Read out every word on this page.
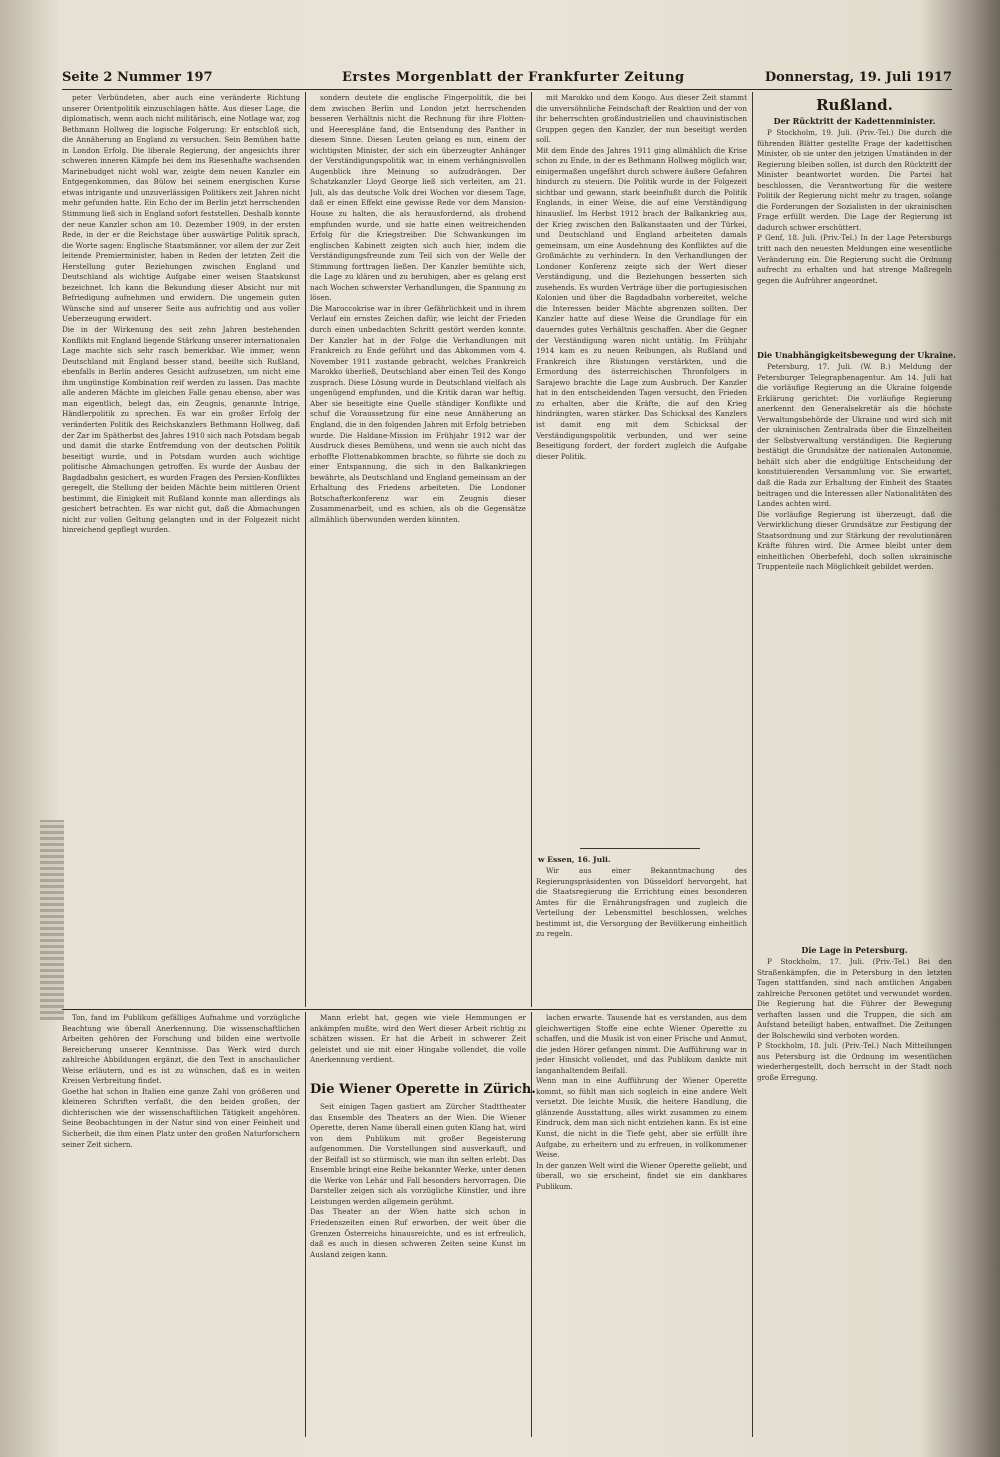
Seite 2 Nummer 197	Erstes Morgenblatt der Frankfurter Zeitung	Donnerstag, 19. Juli 1917

peter Verbündeten, aber auch eine veränderte Richtung unserer Orientpolitik einzuschlagen hätte. Aus dieser Lage, die diplomatisch, wenn auch nicht militärisch, eine Notlage war, zog Bethmann Hollweg die logische Folgerung: Er entschloß sich, die Annäherung an England zu versuchen. Sein Bemühen hatte in London Erfolg. Die liberale Regierung, der angesichts ihrer schweren inneren Kämpfe bei dem ins Riesenhafte wachsenden Marinebudget nicht wohl war, zeigte dem neuen Kanzler ein Entgegenkommen, das Bülow bei seinem energischen Kurse etwas intrigante und unzuverlässigen Politikers zeit Jahren nicht mehr gefunden hatte. Ein Echo der im Berlin jetzt herrschenden Stimmung ließ sich in England sofort feststellen. Deshalb konnte der neue Kanzler schon am 10. Dezember 1909, in der ersten Rede, in der er die Reichstage über auswärtige Politik sprach, die Worte sagen: Englische Staatsmänner, vor allem der zur Zeit leitende Premierminister, haben in Reden der letzten Zeit die Herstellung guter Beziehungen zwischen England und Deutschland als wichtige Aufgabe einer weisen Staatskunst bezeichnet. Ich kann die Bekundung dieser Absicht nur mit Befriedigung aufnehmen und erwidern. Die ungemein guten Wünsche sind auf unserer Seite aus aufrichtig und aus voller Ueberzeugung erwidert.
Die in der Wirkenung des seit zehn Jahren bestehenden Konflikts mit England liegende Stärkung unserer internationalen Lage machte sich sehr rasch bemerkbar. Wie immer, wenn Deutschland mit England besser stand, beeilte sich Rußland, ebenfalls in Berlin anderes Gesicht aufzusetzen, um nicht eine ihm ungünstige Kombination reif werden zu lassen. Das machte alle anderen Mächte im gleichen Falle genau ebenso, aber was man eigentlich, belegt das, ein Zeugnis, genannte Intrige, Händlerpolitik zu sprechen. Es war ein großer Erfolg der veränderten Politik des Reichskanzlers Bethmann Hollweg, daß der Zar im Spätherbst des Jahres 1910 sich nach Potsdam begab und damit die starke Entfremdung von der deutschen Politik beseitigt wurde, und in Potsdam wurden auch wichtige politische Abmachungen getroffen. Es wurde der Ausbau der Bagdadbahn gesichert, es wurden Fragen des Persien-Konfliktes geregelt, die Stellung der beiden Mächte beim mittleren Orient bestimmt, die Einigkeit mit Rußland konnte man allerdings als gesichert betrachten. Es war nicht gut, daß die Abmachungen nicht zur vollen Geltung gelangten und in der Folgezeit nicht hinreichend gepflegt wurden.

sondern deutete die englische Fingerpolitik, die bei dem zwischen Berlin und London jetzt herrschenden besseren Verhältnis nicht die Rechnung für ihre Flotten- und Heerespläne fand, die Entsendung des Panther in diesem Sinne. Diesen Leuten gelang es nun, einem der wichtigsten Minister, der sich ein überzeugter Anhänger der Verständigungspolitik war, in einem verhängnisvollen Augenblick ihre Meinung so aufzudrängen. Der Schatzkanzler Lloyd George ließ sich verleiten, am 21. Juli, als das deutsche Volk drei Wochen vor diesem Tage, daß er einen Effekt eine gewisse Rede vor dem Mansion-House zu halten, die als herausfordernd, als drohend empfunden wurde, und sie hatte einen weitreichenden Erfolg für die Kriegstreiber. Die Schwankungen im englischen Kabinett zeigten sich auch hier, indem die Verständigungsfreunde zum Teil sich von der Welle der Stimmung forttragen ließen. Der Kanzler bemühte sich, die Lage zu klären und zu beruhigen, aber es gelang erst nach Wochen schwerster Verhandlungen, die Spannung zu lösen.
Die Maroccokrise war in ihrer Gefährlichkeit und in ihrem Verlauf ein ernstes Zeichen dafür, wie leicht der Frieden durch einen unbedachten Schritt gestört werden konnte. Der Kanzler hat in der Folge die Verhandlungen mit Frankreich zu Ende geführt und das Abkommen vom 4. November 1911 zustande gebracht, welches Frankreich Marokko überließ, Deutschland aber einen Teil des Kongo zusprach. Diese Lösung wurde in Deutschland vielfach als ungenügend empfunden, und die Kritik daran war heftig. Aber sie beseitigte eine Quelle ständiger Konflikte und schuf die Voraussetzung für eine neue Annäherung an England, die in den folgenden Jahren mit Erfolg betrieben wurde. Die Haldane-Mission im Frühjahr 1912 war der Ausdruck dieses Bemühens, und wenn sie auch nicht das erhoffte Flottenabkommen brachte, so führte sie doch zu einer Entspannung, die sich in den Balkankriegen bewährte, als Deutschland und England gemeinsam an der Erhaltung des Friedens arbeiteten. Die Londoner Botschafterkonferenz war ein Zeugnis dieser Zusammenarbeit, und es schien, als ob die Gegensätze allmählich überwunden werden könnten.

mit Marokko und dem Kongo. Aus dieser Zeit stammt die unversöhnliche Feindschaft der Reaktion und der von ihr beherrschten großindustriellen und chauvinistischen Gruppen gegen den Kanzler, der nun beseitigt werden soll.
Mit dem Ende des Jahres 1911 ging allmählich die Krise schon zu Ende, in der es Bethmann Hollweg möglich war, einigermaßen ungefährt durch schwere äußere Gefahren hindurch zu steuern. Die Politik wurde in der Folgezeit sichtbar und gewann, stark beeinflußt durch die Politik Englands, in einer Weise, die auf eine Verständigung hinauslief. Im Herbst 1912 brach der Balkankrieg aus, der Krieg zwischen den Balkanstaaten und der Türkei, und Deutschland und England arbeiteten damals gemeinsam, um eine Ausdehnung des Konfliktes auf die Großmächte zu verhindern. In den Verhandlungen der Londoner Konferenz zeigte sich der Wert dieser Verständigung, und die Beziehungen besserten sich zusehends. Es wurden Verträge über die portugiesischen Kolonien und über die Bagdadbahn vorbereitet, welche die Interessen beider Mächte abgrenzen sollten. Der Kanzler hatte auf diese Weise die Grundlage für ein dauerndes gutes Verhältnis geschaffen. Aber die Gegner der Verständigung waren nicht untätig. Im Frühjahr 1914 kam es zu neuen Reibungen, als Rußland und Frankreich ihre Rüstungen verstärkten, und die Ermordung des österreichischen Thronfolgers in Sarajewo brachte die Lage zum Ausbruch. Der Kanzler hat in den entscheidenden Tagen versucht, den Frieden zu erhalten, aber die Kräfte, die auf den Krieg hindrängten, waren stärker. Das Schicksal des Kanzlers ist damit eng mit dem Schicksal der Verständigungspolitik verbunden, und wer seine Beseitigung fordert, der fordert zugleich die Aufgabe dieser Politik.

w Essen, 16. Juli.

Wir aus einer Bekanntmachung des Regierungspräsidenten von Düsseldorf hervorgeht, hat die Staatsregierung die Errichtung eines besonderen Amtes für die Ernährungsfragen und zugleich die Verteilung der Lebensmittel beschlossen, welches bestimmt ist, die Versorgung der Bevölkerung einheitlich zu regeln.

Rußland.
Der Rücktritt der Kadettenminister.

P Stockholm, 19. Juli. (Priv.-Tel.) Die durch die führenden Blätter gestellte Frage der kadettischen Minister, ob sie unter den jetzigen Umständen in der Regierung bleiben sollen, ist durch den Rücktritt der Minister beantwortet worden. Die Partei hat beschlossen, die Verantwortung für die weitere Politik der Regierung nicht mehr zu tragen, solange die Forderungen der Sozialisten in der ukrainischen Frage erfüllt werden. Die Lage der Regierung ist dadurch schwer erschüttert.
P Genf, 18. Juli. (Priv.-Tel.) In der Lage Petersburgs tritt nach den neuesten Meldungen eine wesentliche Veränderung ein. Die Regierung sucht die Ordnung aufrecht zu erhalten und hat strenge Maßregeln gegen die Aufrührer angeordnet.

Die Unabhängigkeitsbewegung der Ukraine.

Petersburg, 17. Juli. (W. B.) Meldung der Petersburger Telegraphenagentur. Am 14. Juli hat die vorläufige Regierung an die Ukraine folgende Erklärung gerichtet: Die vorläufige Regierung anerkennt den Generalsekretär als die höchste Verwaltungsbehörde der Ukraine und wird sich mit der ukrainischen Zentralrada über die Einzelheiten der Selbstverwaltung verständigen. Die Regierung bestätigt die Grundsätze der nationalen Autonomie, behält sich aber die endgültige Entscheidung der konstituierenden Versammlung vor. Sie erwartet, daß die Rada zur Erhaltung der Einheit des Staates beitragen und die Interessen aller Nationalitäten des Landes achten wird.
Die vorläufige Regierung ist überzeugt, daß die Verwirklichung dieser Grundsätze zur Festigung der Staatsordnung und zur Stärkung der revolutionären Kräfte führen wird. Die Armee bleibt unter dem einheitlichen Oberbefehl, doch sollen ukrainische Truppenteile nach Möglichkeit gebildet werden.

Die Lage in Petersburg.

P Stockholm, 17. Juli. (Priv.-Tel.) Bei den Straßenkämpfen, die in Petersburg in den letzten Tagen stattfanden, sind nach amtlichen Angaben zahlreiche Personen getötet und verwundet worden. Die Regierung hat die Führer der Bewegung verhaften lassen und die Truppen, die sich am Aufstand beteiligt haben, entwaffnet. Die Zeitungen der Bolschewiki sind verboten worden.
P Stockholm, 18. Juli. (Priv.-Tel.) Nach Mitteilungen aus Petersburg ist die Ordnung im wesentlichen wiederhergestellt, doch herrscht in der Stadt noch große Erregung.

Ton, fand im Publikum gefälliges Aufnahme und vorzügliche Beachtung wie überall Anerkennung. Die wissenschaftlichen Arbeiten gehören der Forschung und bilden eine wertvolle Bereicherung unserer Kenntnisse. Das Werk wird durch zahlreiche Abbildungen ergänzt, die den Text in anschaulicher Weise erläutern, und es ist zu wünschen, daß es in weiten Kreisen Verbreitung findet.
Goethe hat schon in Italien eine ganze Zahl von größeren und kleineren Schriften verfaßt, die den beiden großen, der dichterischen wie der wissenschaftlichen Tätigkeit angehören. Seine Beobachtungen in der Natur sind von einer Feinheit und Sicherheit, die ihm einen Platz unter den großen Naturforschern seiner Zeit sichern.

Mann erlebt hat, gegen wie viele Hemmungen er ankämpfen mußte, wird den Wert dieser Arbeit richtig zu schätzen wissen. Er hat die Arbeit in schwerer Zeit geleistet und sie mit einer Hingabe vollendet, die volle Anerkennung verdient.

Die Wiener Operette in Zürich.

Seit einigen Tagen gastiert am Zürcher Stadttheater das Ensemble des Theaters an der Wien. Die Wiener Operette, deren Name überall einen guten Klang hat, wird von dem Publikum mit großer Begeisterung aufgenommen. Die Vorstellungen sind ausverkauft, und der Beifall ist so stürmisch, wie man ihn selten erlebt. Das Ensemble bringt eine Reihe bekannter Werke, unter denen die Werke von Lehár und Fall besonders hervorragen. Die Darsteller zeigen sich als vorzügliche Künstler, und ihre Leistungen werden allgemein gerühmt.
Das Theater an der Wien hatte sich schon in Friedenszeiten einen Ruf erworben, der weit über die Grenzen Österreichs hinausreichte, und es ist erfreulich, daß es auch in diesen schweren Zeiten seine Kunst im Ausland zeigen kann.

lachen erwarte. Tausende hat es verstanden, aus dem gleichwertigen Stoffe eine echte Wiener Operette zu schaffen, und die Musik ist von einer Frische und Anmut, die jeden Hörer gefangen nimmt. Die Aufführung war in jeder Hinsicht vollendet, und das Publikum dankte mit langanhaltendem Beifall.
Wenn man in eine Aufführung der Wiener Operette kommt, so fühlt man sich sogleich in eine andere Welt versetzt. Die leichte Musik, die heitere Handlung, die glänzende Ausstattung, alles wirkt zusammen zu einem Eindruck, dem man sich nicht entziehen kann. Es ist eine Kunst, die nicht in die Tiefe geht, aber sie erfüllt ihre Aufgabe, zu erheitern und zu erfreuen, in vollkommener Weise.
In der ganzen Welt wird die Wiener Operette geliebt, und überall, wo sie erscheint, findet sie ein dankbares Publikum.
